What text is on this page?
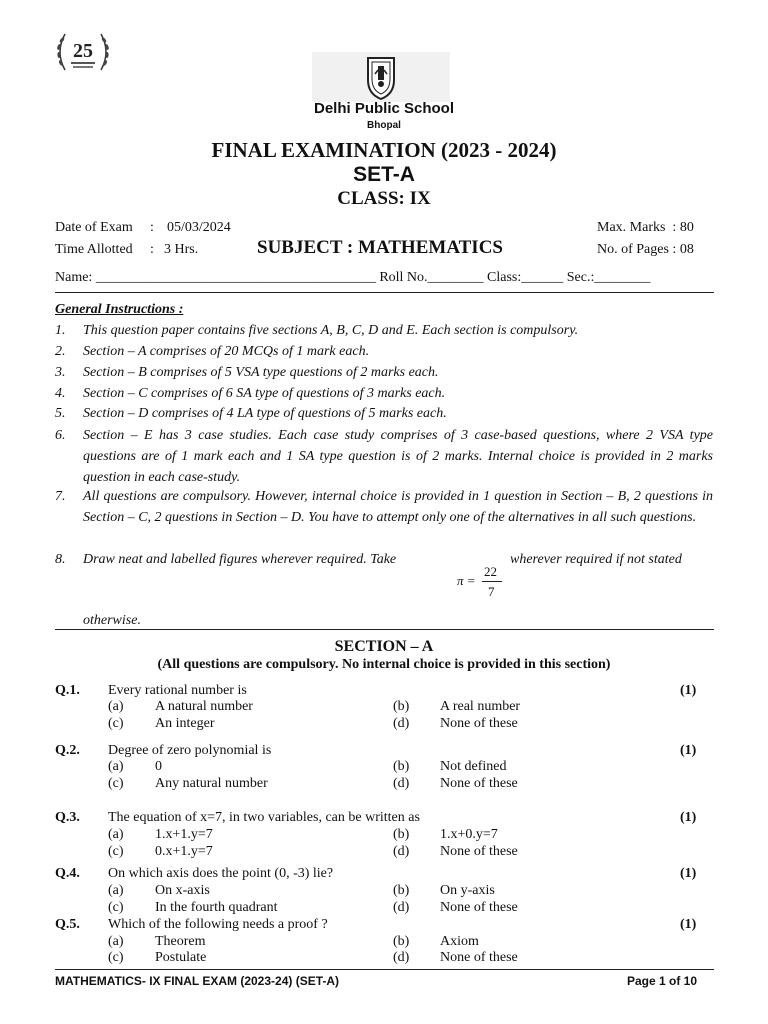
25
Delhi Public School
Bhopal
FINAL EXAMINATION (2023 - 2024)
SET-A
CLASS: IX
Date of Exam : 05/03/2024
Time Allotted : 3 Hrs.	SUBJECT : MATHEMATICS
Max. Marks  : 80
No. of Pages : 08
Name: ________________________________________ Roll No.________ Class:______ Sec.:________
General Instructions :
1. This question paper contains five sections A, B, C, D and E. Each section is compulsory.
2. Section – A comprises of 20 MCQs of 1 mark each.
3. Section – B comprises of 5 VSA type questions of 2 marks each.
4. Section – C comprises of 6 SA type of questions of 3 marks each.
5. Section – D comprises of 4 LA type of questions of 5 marks each.
6. Section – E has 3 case studies. Each case study comprises of 3 case-based questions, where 2 VSA type questions are of 1 mark each and 1 SA type question is of 2 marks. Internal choice is provided in 2 marks question in each case-study.
7. All questions are compulsory. However, internal choice is provided in 1 question in Section – B, 2 questions in Section – C, 2 questions in Section – D. You have to attempt only one of the alternatives in all such questions.
8. Draw neat and labelled figures wherever required. Take	wherever required if not stated
otherwise.
π =
22
7
SECTION – A
(All questions are compulsory. No internal choice is provided in this section)
Q.1. Every rational number is	(1)
(a) A natural number	(b) A real number
(c) An integer	(d) None of these
Q.2. Degree of zero polynomial is	(1)
(a) 0	(b) Not defined
(c) Any natural number	(d) None of these
Q.3. The equation of x=7, in two variables, can be written as	(1)
(a) 1.x+1.y=7	(b) 1.x+0.y=7
(c) 0.x+1.y=7	(d) None of these
Q.4. On which axis does the point (0, -3) lie?	(1)
(a) On x-axis	(b) On y-axis
(c) In the fourth quadrant	(d) None of these
Q.5. Which of the following needs a proof ?	(1)
(a) Theorem	(b) Axiom
(c) Postulate	(d) None of these
MATHEMATICS- IX FINAL EXAM (2023-24) (SET-A)	Page 1 of 10
